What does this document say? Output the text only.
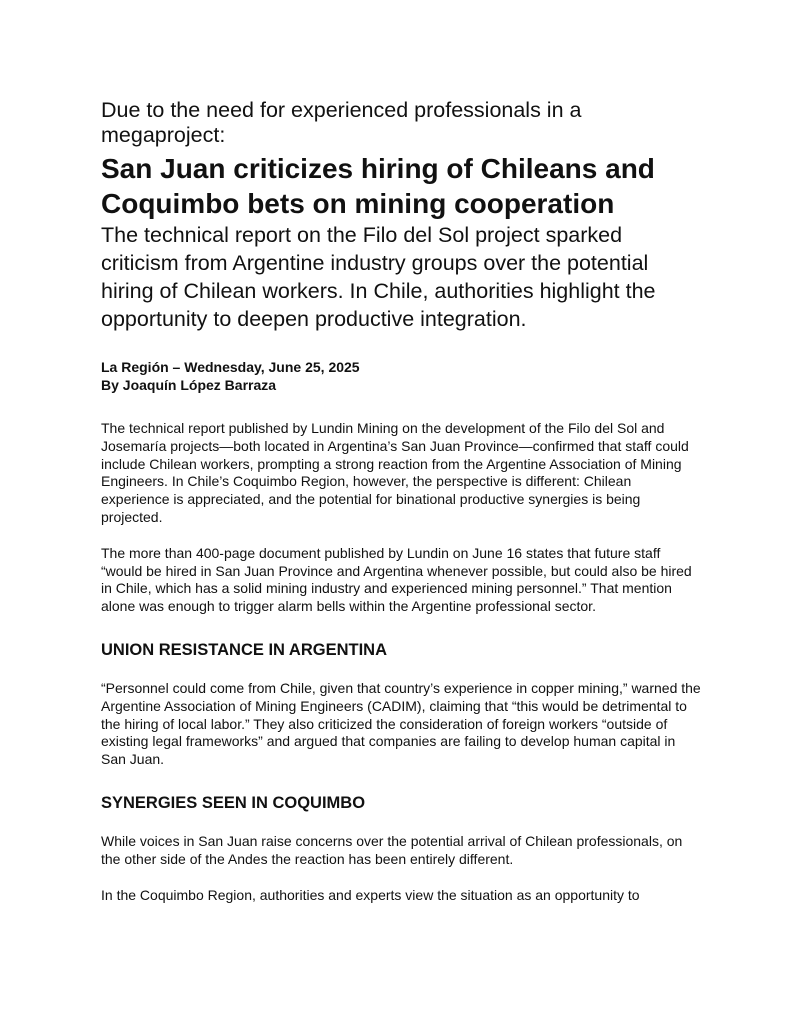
Due to the need for experienced professionals in a megaproject:

San Juan criticizes hiring of Chileans and Coquimbo bets on mining cooperation

The technical report on the Filo del Sol project sparked criticism from Argentine industry groups over the potential hiring of Chilean workers. In Chile, authorities highlight the opportunity to deepen productive integration.

La Región – Wednesday, June 25, 2025
By Joaquín López Barraza

The technical report published by Lundin Mining on the development of the Filo del Sol and Josemaría projects—both located in Argentina’s San Juan Province—confirmed that staff could include Chilean workers, prompting a strong reaction from the Argentine Association of Mining Engineers. In Chile’s Coquimbo Region, however, the perspective is different: Chilean experience is appreciated, and the potential for binational productive synergies is being projected.

The more than 400-page document published by Lundin on June 16 states that future staff “would be hired in San Juan Province and Argentina whenever possible, but could also be hired in Chile, which has a solid mining industry and experienced mining personnel.” That mention alone was enough to trigger alarm bells within the Argentine professional sector.

UNION RESISTANCE IN ARGENTINA

“Personnel could come from Chile, given that country’s experience in copper mining,” warned the Argentine Association of Mining Engineers (CADIM), claiming that “this would be detrimental to the hiring of local labor.” They also criticized the consideration of foreign workers “outside of existing legal frameworks” and argued that companies are failing to develop human capital in San Juan.

SYNERGIES SEEN IN COQUIMBO

While voices in San Juan raise concerns over the potential arrival of Chilean professionals, on the other side of the Andes the reaction has been entirely different.

In the Coquimbo Region, authorities and experts view the situation as an opportunity to
